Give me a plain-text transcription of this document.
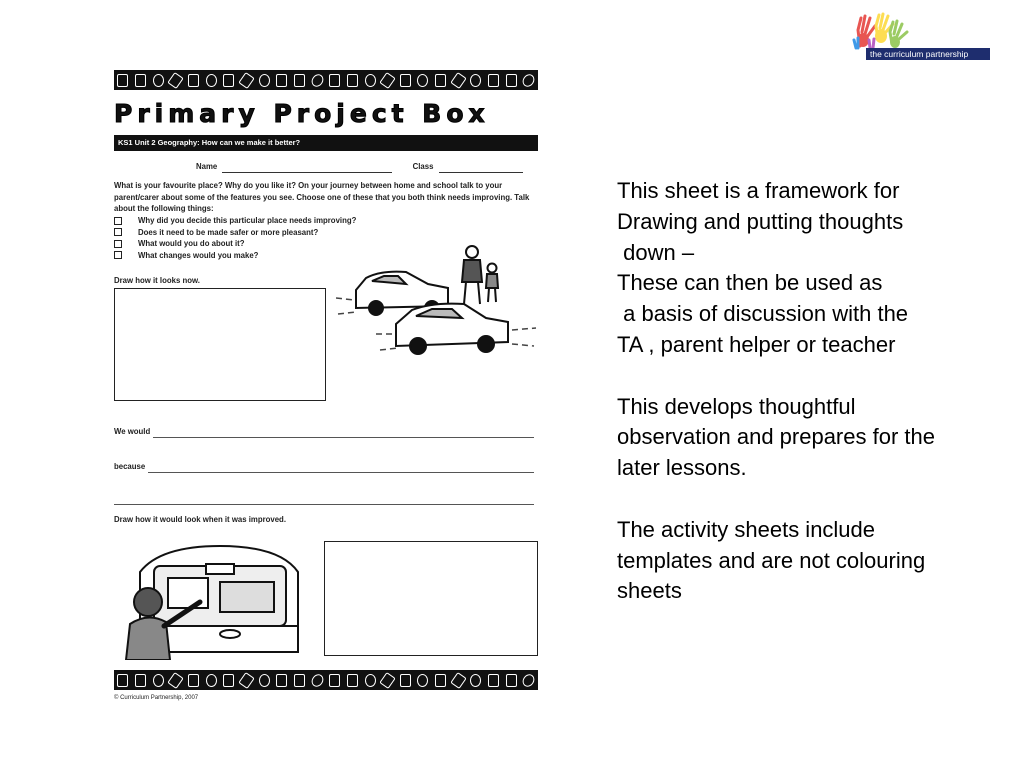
the curriculum partnership
Primary Project Box
KS1 Unit 2 Geography: How can we make it better?
Name	Class
What is your favourite place? Why do you like it? On your journey between home and school talk to your parent/carer about some of the features you see. Choose one of these that you both think needs improving. Talk about the following things:
Why did you decide this particular place needs improving?
Does it need to be made safer or more pleasant?
What would you do about it?
What changes would you make?
Draw how it looks now.
We would
because
Draw how it would look when it was improved.
© Curriculum Partnership, 2007

This sheet is a framework for

Drawing and putting thoughts

down –

These can then be used as

a basis of discussion with the

TA , parent helper or teacher

This develops thoughtful

observation and prepares for the

later lessons.

The activity sheets include

templates and are not colouring

sheets
